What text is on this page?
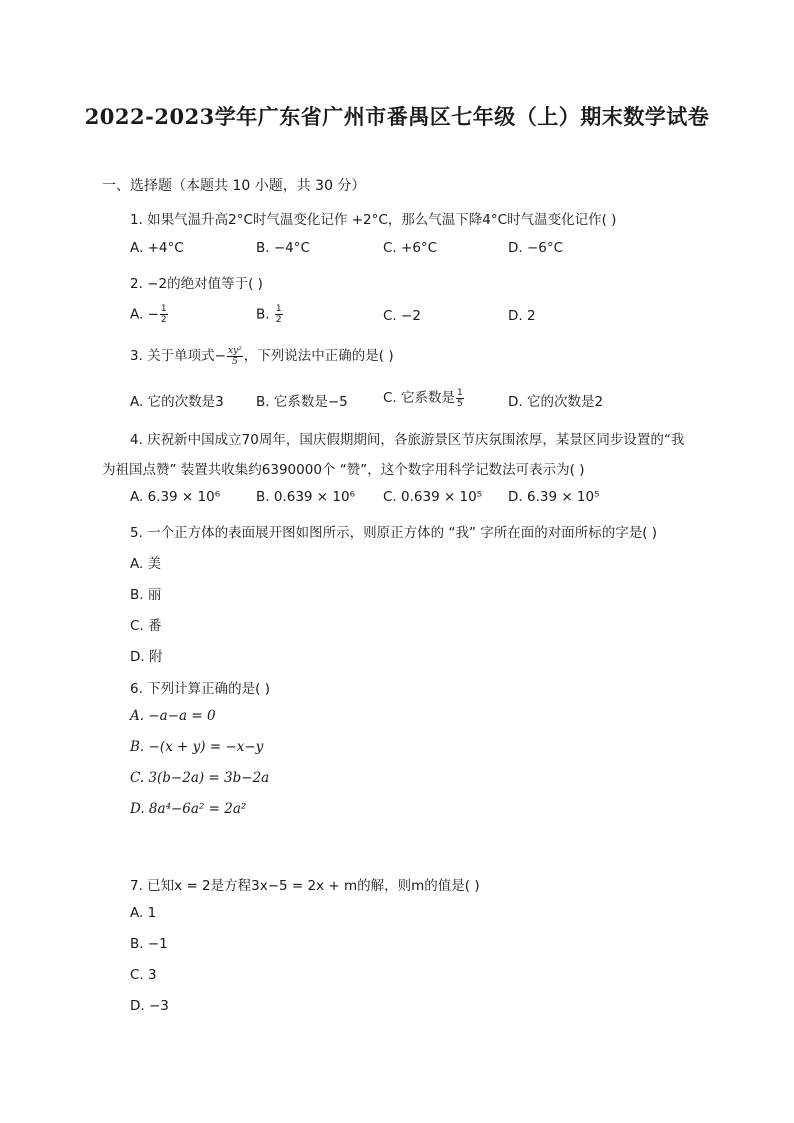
2022-2023学年广东省广州市番禺区七年级（上）期末数学试卷
一、选择题（本题共 10 小题，共 30 分）
1. 如果气温升高2°C时气温变化记作 +2°C，那么气温下降4°C时气温变化记作( )
A. +4°C	B. −4°C	C. +6°C	D. −6°C
2. −2的绝对值等于( )
A. − $\frac{1}{2}$	B. $\frac{1}{2}$	C. −2	D. 2
3. 关于单项式− $\frac{\text{xy²}}{5}$ ，下列说法中正确的是( )
A. 它的次数是3 B. 它系数是−5	C. 它系数是 $\frac{1}{5}$	D. 它的次数是2
4. 庆祝新中国成立70周年，国庆假期期间，各旅游景区节庆氛围浓厚，某景区同步设置的“我
为祖国点赞” 装置共收集约6390000个 “赞”，这个数字用科学记数法可表示为( )
A. 6.39 × 10⁶	B. 0.639 × 10⁶ C. 0.639 × 10⁵ D. 6.39 × 10⁵
5. 一个正方体的表面展开图如图所示，则原正方体的 “我” 字所在面的对面所标的字是( )
A. 美
B. 丽
C. 番
D. 附
6. 下列计算正确的是( )
A. −a−a = 0
B. −(x + y) = −x−y
C. 3(b−2a) = 3b−2a
D. 8a⁴−6a² = 2a²
7. 已知x = 2是方程3x−5 = 2x + m的解，则m的值是( )
A. 1
B. −1
C. 3
D. −3
